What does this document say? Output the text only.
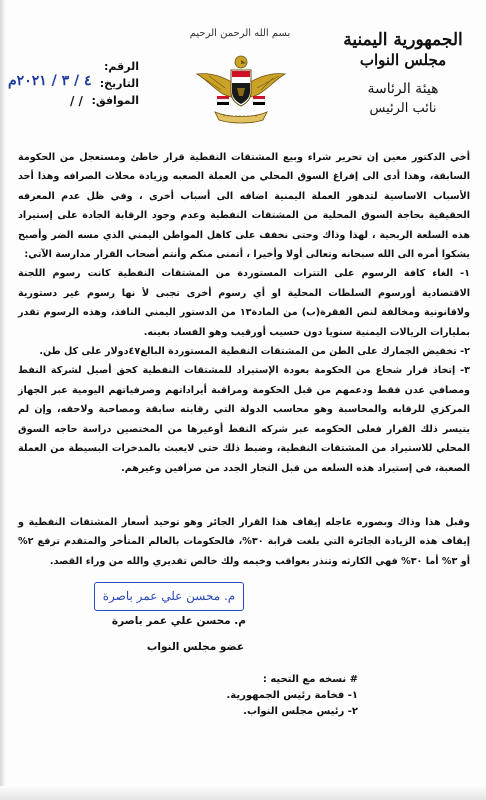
الجمهورية اليمنية
مجلس النواب
هيئة الرئاسة
نائب الرئيس
بسم الله الرحمن الرحيم
الرقم:
التاريخ:
٤ / ٣ / ٢٠٢١م
الموافق:
/ /

أخي الدكتور معين إن تحرير شراء وبيع المشتقات النفطية قرار خاطئ ومستعجل من الحكومة السابقة، وهذا أدى الى إفراغ السوق المحلي من العملة الصعبه وزيادة محلات الصرافه وهذا أحد الأسباب الاساسية لتدهور العملة اليمنية اضافه الى أسباب أخرى ، وفي ظل عدم المعرفه الحقيقية بحاجة السوق المحلية من المشتقات النفطية وعدم وجود الرقابة الجادة على إستيراد هذه السلعة الربحية ، لهذا وذاك وحتى نخفف على كاهل المواطن اليمني الذي مسه الضر وأصبح يشكوا أمره الى الله سبحانه وتعالى أولا وأخيرا ، أتمنى منكم وأنتم أصحاب القرار مدارسة الآتي:

١- الغاء كافة الرسوم على التترات المستوردة من المشتقات النفطية كانت رسوم اللجنة الاقتصادية أورسوم السلطات المحلية او أي رسوم أخرى تجبى لأ نها رسوم غير دستورية ولاقانونية ومخالفة لنص الفقرة(ب) من المادة١٣ من الدستور اليمني النافذ، وهذه الرسوم تقدر بمليارات الريالات اليمنية سنويا دون حسيب أورقيب وهو الفساد بعينه.

٢- تخفيض الجمارك على الطن من المشتقات النفطية المستوردة البالغ٤٧دولار على كل طن.

٣- إتخاذ قرار شجاع من الحكومة بعودة الإستيراد للمشتقات النفطية كحق أصيل لشركة النفط ومصافي عدن فقط ودعمهم من قبل الحكومة ومراقبة أيراداتهم وصرفياتهم اليومية عبر الجهاز المركزي للرقابه والمحاسبة وهو محاسب الدولة التي رقابته سابقة ومصاحبة ولاحقه، وإن لم يتيسر ذلك القرار فعلى الحكومه عبر شركه النفط أوغيرها من المختصين دراسة حاجه السوق المحلي للاستيراد من المشتقات النفطية، وضبط ذلك حتى لايعبث بالمدخرات البسيطة من العملة الصعبة، في إستيراد هذه السلعه من قبل التجار الجدد من صرافين وغيرهم.

وقبل هذا وذاك وبصوره عاجله إيقاف هذا القرار الجائر وهو توحيد أسعار المشتقات النفطية و إيقاف هذه الزيادة الجائرة التي بلغت قرابة ٣٠%، فالحكومات بالعالم المتأخر والمتقدم ترفع ٢% أو ٣% أما ٣٠% فهي الكارثه وتنذر بعواقب وخيمه ولك خالص تقديري والله من وراء القصد.
م. محسن علي عمر باصرة
م. محسن علي عمر باصرة
عضو مجلس النواب
# نسخه مع التحيه :
١- فخامة رئيس الجمهورية.
٢- رئيس مجلس النواب.
